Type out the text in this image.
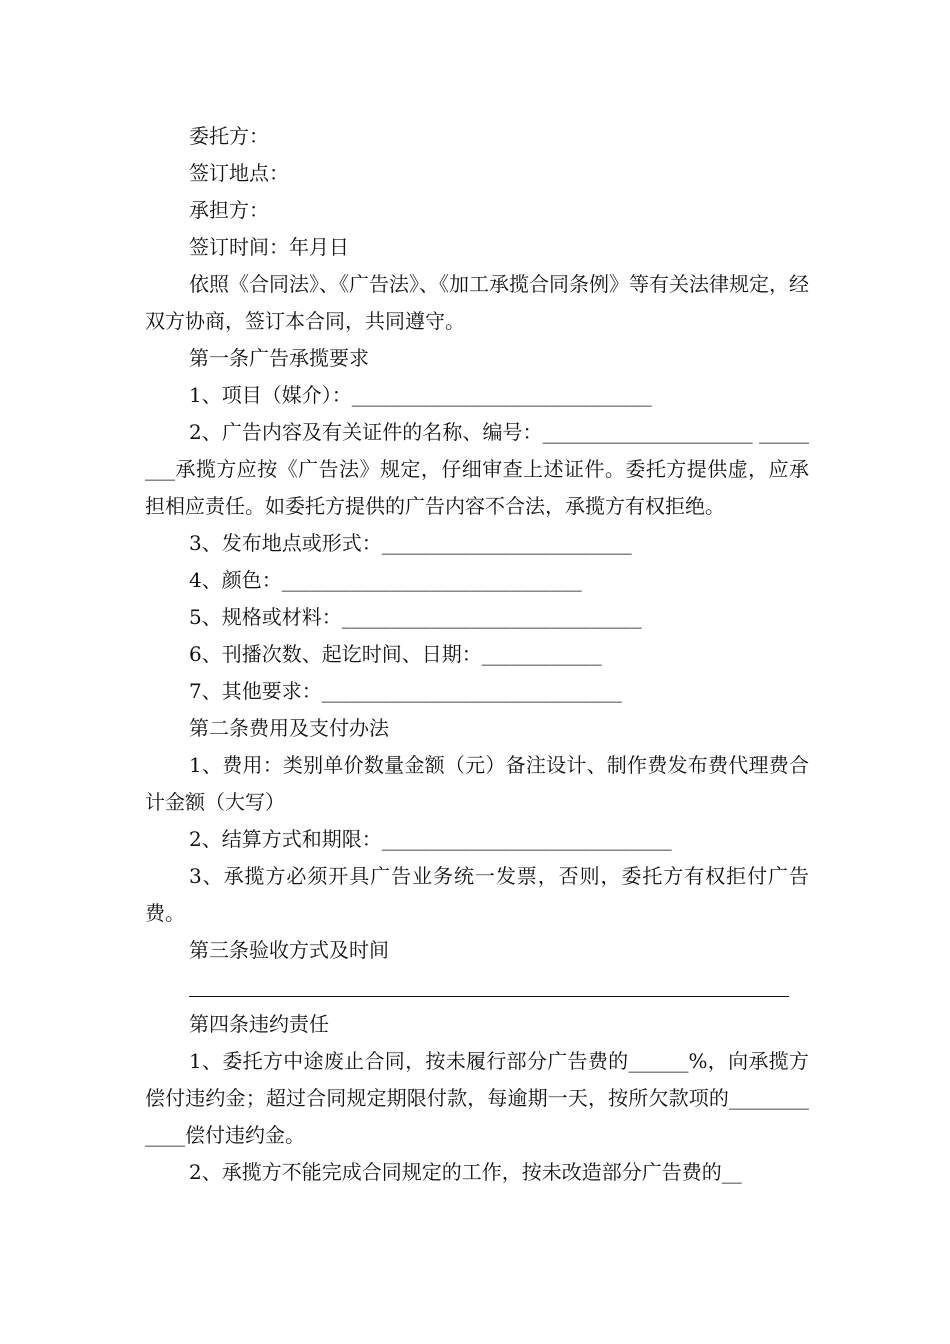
委托方：

签订地点：

承担方：

签订时间：年月日

依照《合同法》、《广告法》、《加工承揽合同条例》等有关法律规定，经双方协商，签订本合同，共同遵守。

第一条广告承揽要求

1、项目（媒介）：______________________________

2、广告内容及有关证件的名称、编号：_____________________ ________承揽方应按《广告法》规定，仔细审查上述证件。委托方提供虚，应承担相应责任。如委托方提供的广告内容不合法，承揽方有权拒绝。

3、发布地点或形式：_________________________

4、颜色：______________________________

5、规格或材料：______________________________

6、刊播次数、起讫时间、日期：____________

7、其他要求：______________________________

第二条费用及支付办法

1、费用：类别单价数量金额（元）备注设计、制作费发布费代理费合计金额（大写）

2、结算方式和期限：_____________________________

3、承揽方必须开具广告业务统一发票，否则，委托方有权拒付广告费。

第三条验收方式及时间

第四条违约责任

1、委托方中途废止合同，按未履行部分广告费的______%，向承揽方偿付违约金；超过合同规定期限付款，每逾期一天，按所欠款项的____________偿付违约金。

2、承揽方不能完成合同规定的工作，按未改造部分广告费的__
